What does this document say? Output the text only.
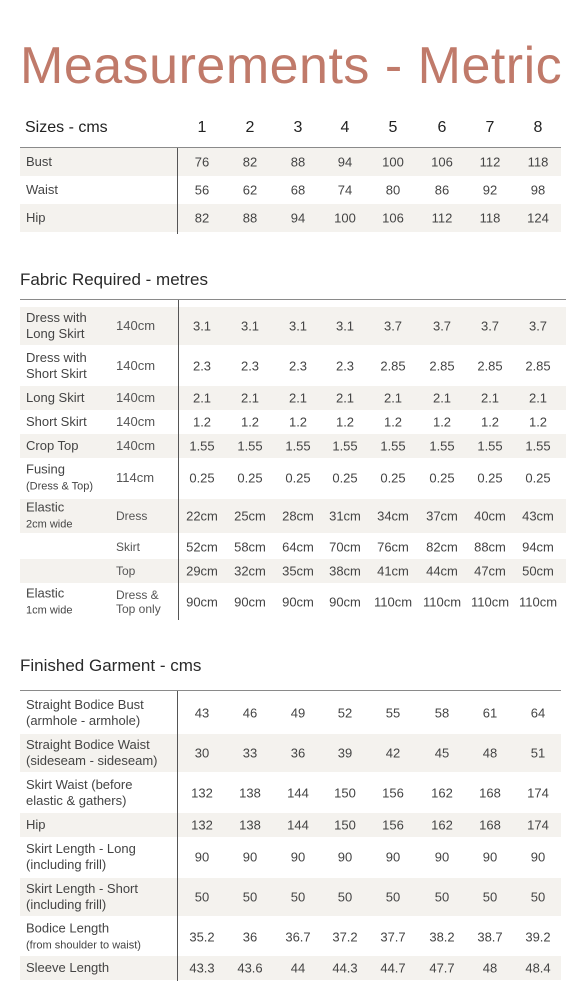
Measurements - Metric
Sizes - cms	1 2 3 4 5	6 7 8
Bust	76	82	88	94 100 106 112 118
Waist	56	62	68	74	80	86	92	98
Hip	82	88	94 100 106 112 118 124
Fabric Required - metres
Dress with
Long Skirt
140cm	3.1 3.1 3.1 3.1 3.7 3.7 3.7 3.7
Dress with
Short Skirt
140cm	2.3 2.3 2.3 2.3 2.85 2.85 2.85 2.85
Long Skirt 140cm	2.1 2.1 2.1 2.1 2.1 2.1 2.1 2.1
Short Skirt 140cm	1.2 1.2 1.2 1.2 1.2 1.2 1.2 1.2
Crop Top	140cm	1.55 1.55 1.55 1.55 1.55 1.55 1.55 1.55
Fusing
(Dress & Top)
114cm	0.25 0.25 0.25 0.25 0.25 0.25 0.25 0.25
Elastic
2cm wide
Dress	22cm 25cm 28cm 31cm 34cm 37cm 40cm 43cm
Skirt	52cm 58cm 64cm 70cm 76cm 82cm 88cm 94cm
Top	29cm 32cm 35cm 38cm 41cm 44cm 47cm 50cm
Elastic
1cm wide
Dress &
Top only 90cm 90cm 90cm 90cm 110cm 110cm 110cm 110cm
Finished Garment - cms
Straight Bodice Bust
(armhole - armhole)	43	46	49	52	55	58	61	64
Straight Bodice Waist
(sideseam - sideseam)	30	33	36	39	42	45	48	51
Skirt Waist (before
elastic & gathers)	132 138 144 150 156 162 168 174
Hip	132 138 144 150 156 162 168 174
Skirt Length - Long
(including frill)	90	90	90	90	90	90	90	90
Skirt Length - Short
(including frill)	50	50	50	50	50	50	50	50
Bodice Length
(from shoulder to waist)
35.2 36 36.7 37.2 37.7 38.2 38.7 39.2
Sleeve Length	43.3 43.6 44 44.3 44.7 47.7 48 48.4
